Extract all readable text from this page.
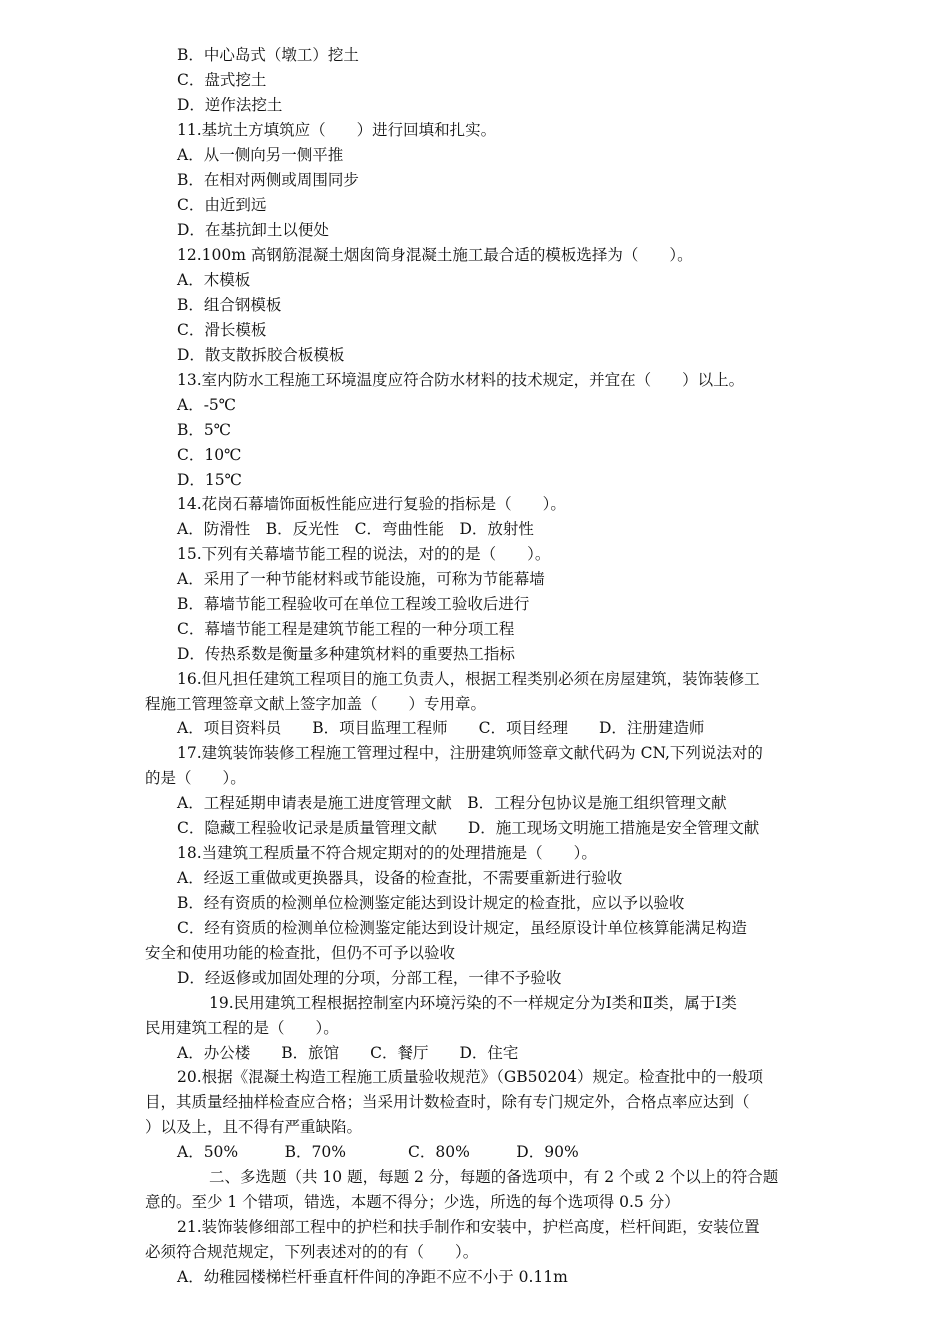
B．中心岛式（墩工）挖土
C．盘式挖土
D．逆作法挖土
11.基坑土方填筑应（　　）进行回填和扎实。
A．从一侧向另一侧平推
B．在相对两侧或周围同步
C．由近到远
D．在基抗卸土以便处
12.100m 高钢筋混凝土烟囱筒身混凝土施工最合适的模板选择为（　　）。
A．木模板
B．组合钢模板
C．滑长模板
D．散支散拆胶合板模板
13.室内防水工程施工环境温度应符合防水材料的技术规定，并宜在（　　）以上。
A．-5℃
B．5℃
C．10℃
D．15℃
14.花岗石幕墙饰面板性能应进行复验的指标是（　　）。
A．防滑性　B．反光性　C．弯曲性能　D．放射性
15.下列有关幕墙节能工程的说法，对的的是（　　）。
A．采用了一种节能材料或节能设施，可称为节能幕墙
B．幕墙节能工程验收可在单位工程竣工验收后进行
C．幕墙节能工程是建筑节能工程的一种分项工程
D．传热系数是衡量多种建筑材料的重要热工指标
16.但凡担任建筑工程项目的施工负责人，根据工程类别必须在房屋建筑，装饰装修工
程施工管理签章文献上签字加盖（　　）专用章。
A．项目资料员　　B．项目监理工程师　　C．项目经理　　D．注册建造师
17.建筑装饰装修工程施工管理过程中，注册建筑师签章文献代码为 CN,下列说法对的
的是（　　）。
A．工程延期申请表是施工进度管理文献　B．工程分包协议是施工组织管理文献
C．隐藏工程验收记录是质量管理文献　　D．施工现场文明施工措施是安全管理文献
18.当建筑工程质量不符合规定期对的的处理措施是（　　）。
A．经返工重做或更换器具，设备的检查批，不需要重新进行验收
B．经有资质的检测单位检测鉴定能达到设计规定的检查批，应以予以验收
C．经有资质的检测单位检测鉴定能达到设计规定，虽经原设计单位核算能满足构造
安全和使用功能的检查批，但仍不可予以验收
D．经返修或加固处理的分项，分部工程，一律不予验收
19.民用建筑工程根据控制室内环境污染的不一样规定分为Ⅰ类和Ⅱ类，属于Ⅰ类
民用建筑工程的是（　　）。
A．办公楼　　B．旅馆　　C．餐厅　　D．住宅
20.根据《混凝土构造工程施工质量验收规范》（GB50204）规定。检查批中的一般项
目，其质量经抽样检查应合格；当采用计数检查时，除有专门规定外，合格点率应达到（
）以及上，且不得有严重缺陷。
A．50%　　　B．70%　　　　C．80%　　　D．90%
二、多选题（共 10 题，每题 2 分，每题的备选项中，有 2 个或 2 个以上的符合题
意的。至少 1 个错项，错选，本题不得分；少选，所选的每个选项得 0.5 分）
21.装饰装修细部工程中的护栏和扶手制作和安装中，护栏高度，栏杆间距，安装位置
必须符合规范规定，下列表述对的的有（　　）。
A．幼稚园楼梯栏杆垂直杆件间的净距不应不小于 0.11m
